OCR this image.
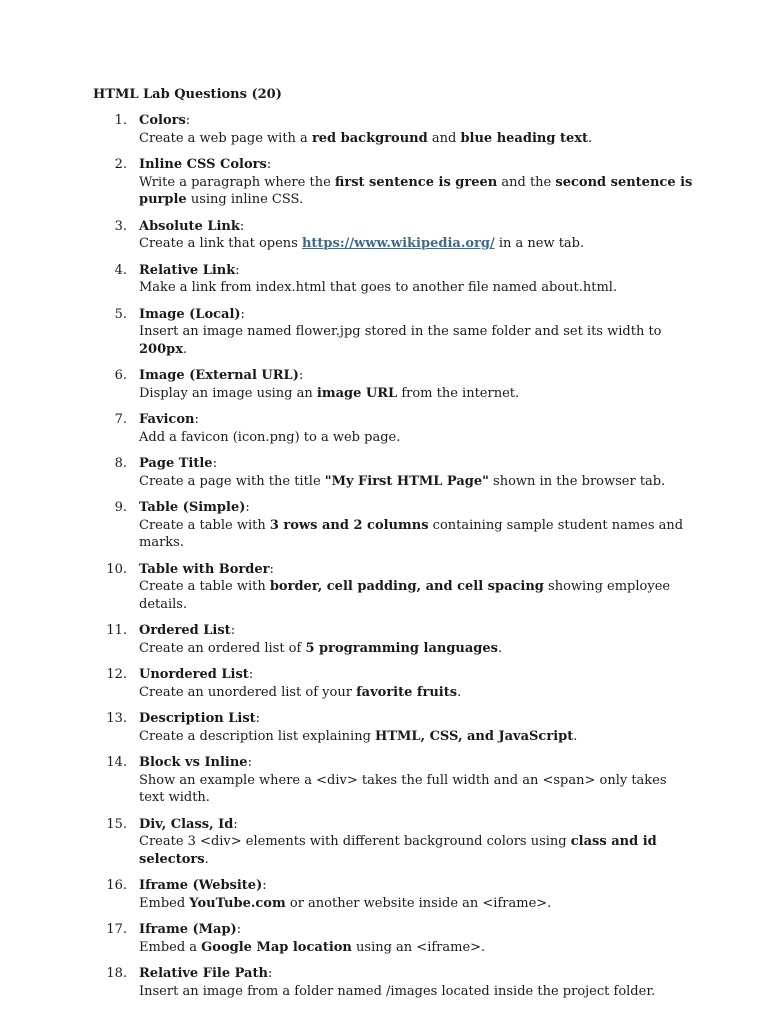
HTML Lab Questions (20)
1. Colors:
Create a web page with a red background and blue heading text.
2. Inline CSS Colors:
Write a paragraph where the first sentence is green and the second sentence is purple using inline CSS.
3. Absolute Link:
Create a link that opens https://www.wikipedia.org/ in a new tab.
4. Relative Link:
Make a link from index.html that goes to another file named about.html.
5. Image (Local):
Insert an image named flower.jpg stored in the same folder and set its width to 200px.
6. Image (External URL):
Display an image using an image URL from the internet.
7. Favicon:
Add a favicon (icon.png) to a web page.
8. Page Title:
Create a page with the title "My First HTML Page" shown in the browser tab.
9. Table (Simple):
Create a table with 3 rows and 2 columns containing sample student names and marks.
10. Table with Border:
Create a table with border, cell padding, and cell spacing showing employee details.
11. Ordered List:
Create an ordered list of 5 programming languages.
12. Unordered List:
Create an unordered list of your favorite fruits.
13. Description List:
Create a description list explaining HTML, CSS, and JavaScript.
14. Block vs Inline:
Show an example where a <div> takes the full width and an <span> only takes text width.
15. Div, Class, Id:
Create 3 <div> elements with different background colors using class and id selectors.
16. Iframe (Website):
Embed YouTube.com or another website inside an <iframe>.
17. Iframe (Map):
Embed a Google Map location using an <iframe>.
18. Relative File Path:
Insert an image from a folder named /images located inside the project folder.
